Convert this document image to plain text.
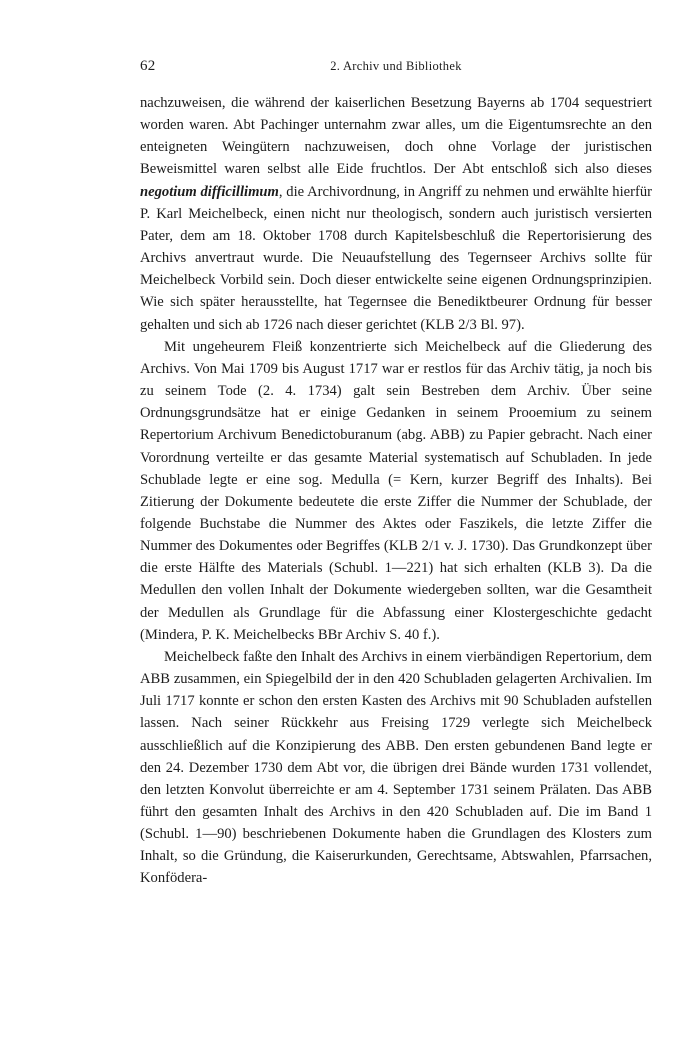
62	2. Archiv und Bibliothek

nachzuweisen, die während der kaiserlichen Besetzung Bayerns ab 1704 sequestriert worden waren. Abt Pachinger unternahm zwar alles, um die Eigentumsrechte an den enteigneten Weingütern nachzuweisen, doch ohne Vorlage der juristischen Beweismittel waren selbst alle Eide fruchtlos. Der Abt entschloß sich also dieses negotium difficillimum, die Archivordnung, in Angriff zu nehmen und erwählte hierfür P. Karl Meichelbeck, einen nicht nur theologisch, sondern auch juristisch versierten Pater, dem am 18. Oktober 1708 durch Kapitelsbeschluß die Repertorisierung des Archivs anvertraut wurde. Die Neuaufstellung des Tegernseer Archivs sollte für Meichelbeck Vorbild sein. Doch dieser entwickelte seine eigenen Ordnungsprinzipien. Wie sich später herausstellte, hat Tegernsee die Benediktbeurer Ordnung für besser gehalten und sich ab 1726 nach dieser gerichtet (KLB 2/3 Bl. 97).

Mit ungeheurem Fleiß konzentrierte sich Meichelbeck auf die Gliederung des Archivs. Von Mai 1709 bis August 1717 war er restlos für das Archiv tätig, ja noch bis zu seinem Tode (2. 4. 1734) galt sein Bestreben dem Archiv. Über seine Ordnungsgrundsätze hat er einige Gedanken in seinem Prooemium zu seinem Repertorium Archivum Benedictoburanum (abg. ABB) zu Papier gebracht. Nach einer Vorordnung verteilte er das gesamte Material systematisch auf Schubladen. In jede Schublade legte er eine sog. Medulla (= Kern, kurzer Begriff des Inhalts). Bei Zitierung der Dokumente bedeutete die erste Ziffer die Nummer der Schublade, der folgende Buchstabe die Nummer des Aktes oder Faszikels, die letzte Ziffer die Nummer des Dokumentes oder Begriffes (KLB 2/1 v. J. 1730). Das Grundkonzept über die erste Hälfte des Materials (Schubl. 1—221) hat sich erhalten (KLB 3). Da die Medullen den vollen Inhalt der Dokumente wiedergeben sollten, war die Gesamtheit der Medullen als Grundlage für die Abfassung einer Klostergeschichte gedacht (Mindera, P. K. Meichelbecks BBr Archiv S. 40 f.).

Meichelbeck faßte den Inhalt des Archivs in einem vierbändigen Repertorium, dem ABB zusammen, ein Spiegelbild der in den 420 Schubladen gelagerten Archivalien. Im Juli 1717 konnte er schon den ersten Kasten des Archivs mit 90 Schubladen aufstellen lassen. Nach seiner Rückkehr aus Freising 1729 verlegte sich Meichelbeck ausschließlich auf die Konzipierung des ABB. Den ersten gebundenen Band legte er den 24. Dezember 1730 dem Abt vor, die übrigen drei Bände wurden 1731 vollendet, den letzten Konvolut überreichte er am 4. September 1731 seinem Prälaten. Das ABB führt den gesamten Inhalt des Archivs in den 420 Schubladen auf. Die im Band 1 (Schubl. 1—90) beschriebenen Dokumente haben die Grundlagen des Klosters zum Inhalt, so die Gründung, die Kaiserurkunden, Gerechtsame, Abtswahlen, Pfarrsachen, Konfödera-
